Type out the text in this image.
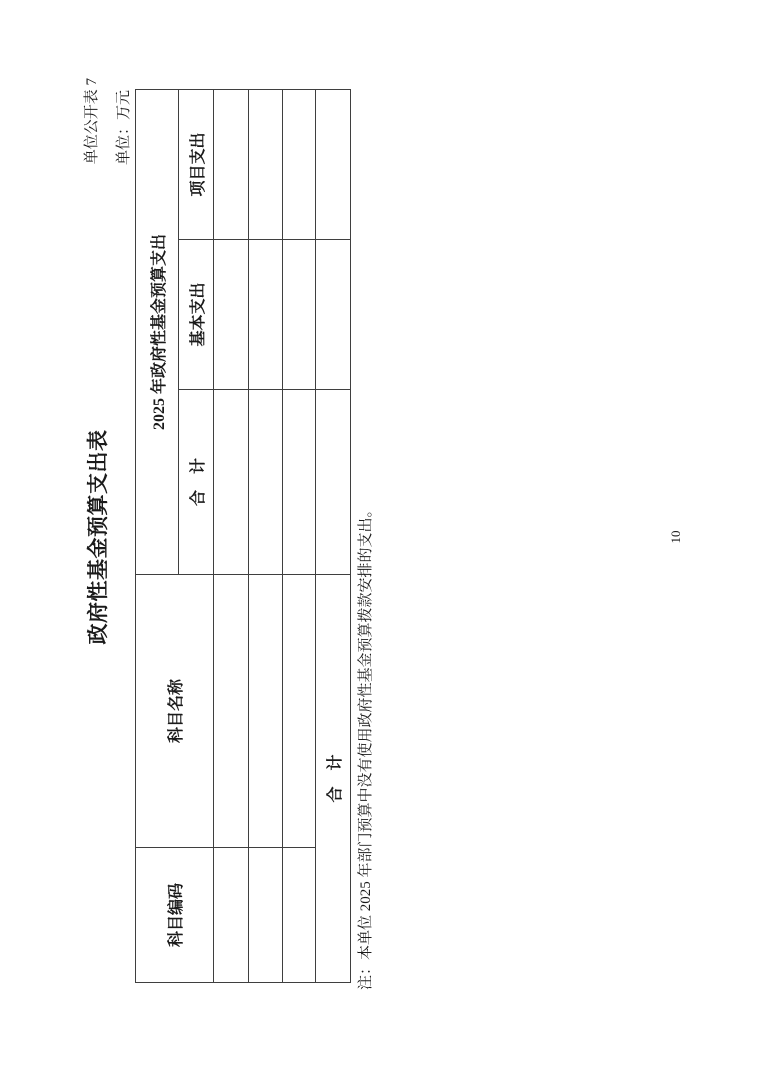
单位公开表 7
政府性基金预算支出表
单位：万元
科目编码	科目名称	2025 年政府性基金预算支出		
		合　计	基本支出	项目支出

合　计				注：本单位 2025 年部门预算中没有使用政府性基金预算拨款安排的支出。	10
